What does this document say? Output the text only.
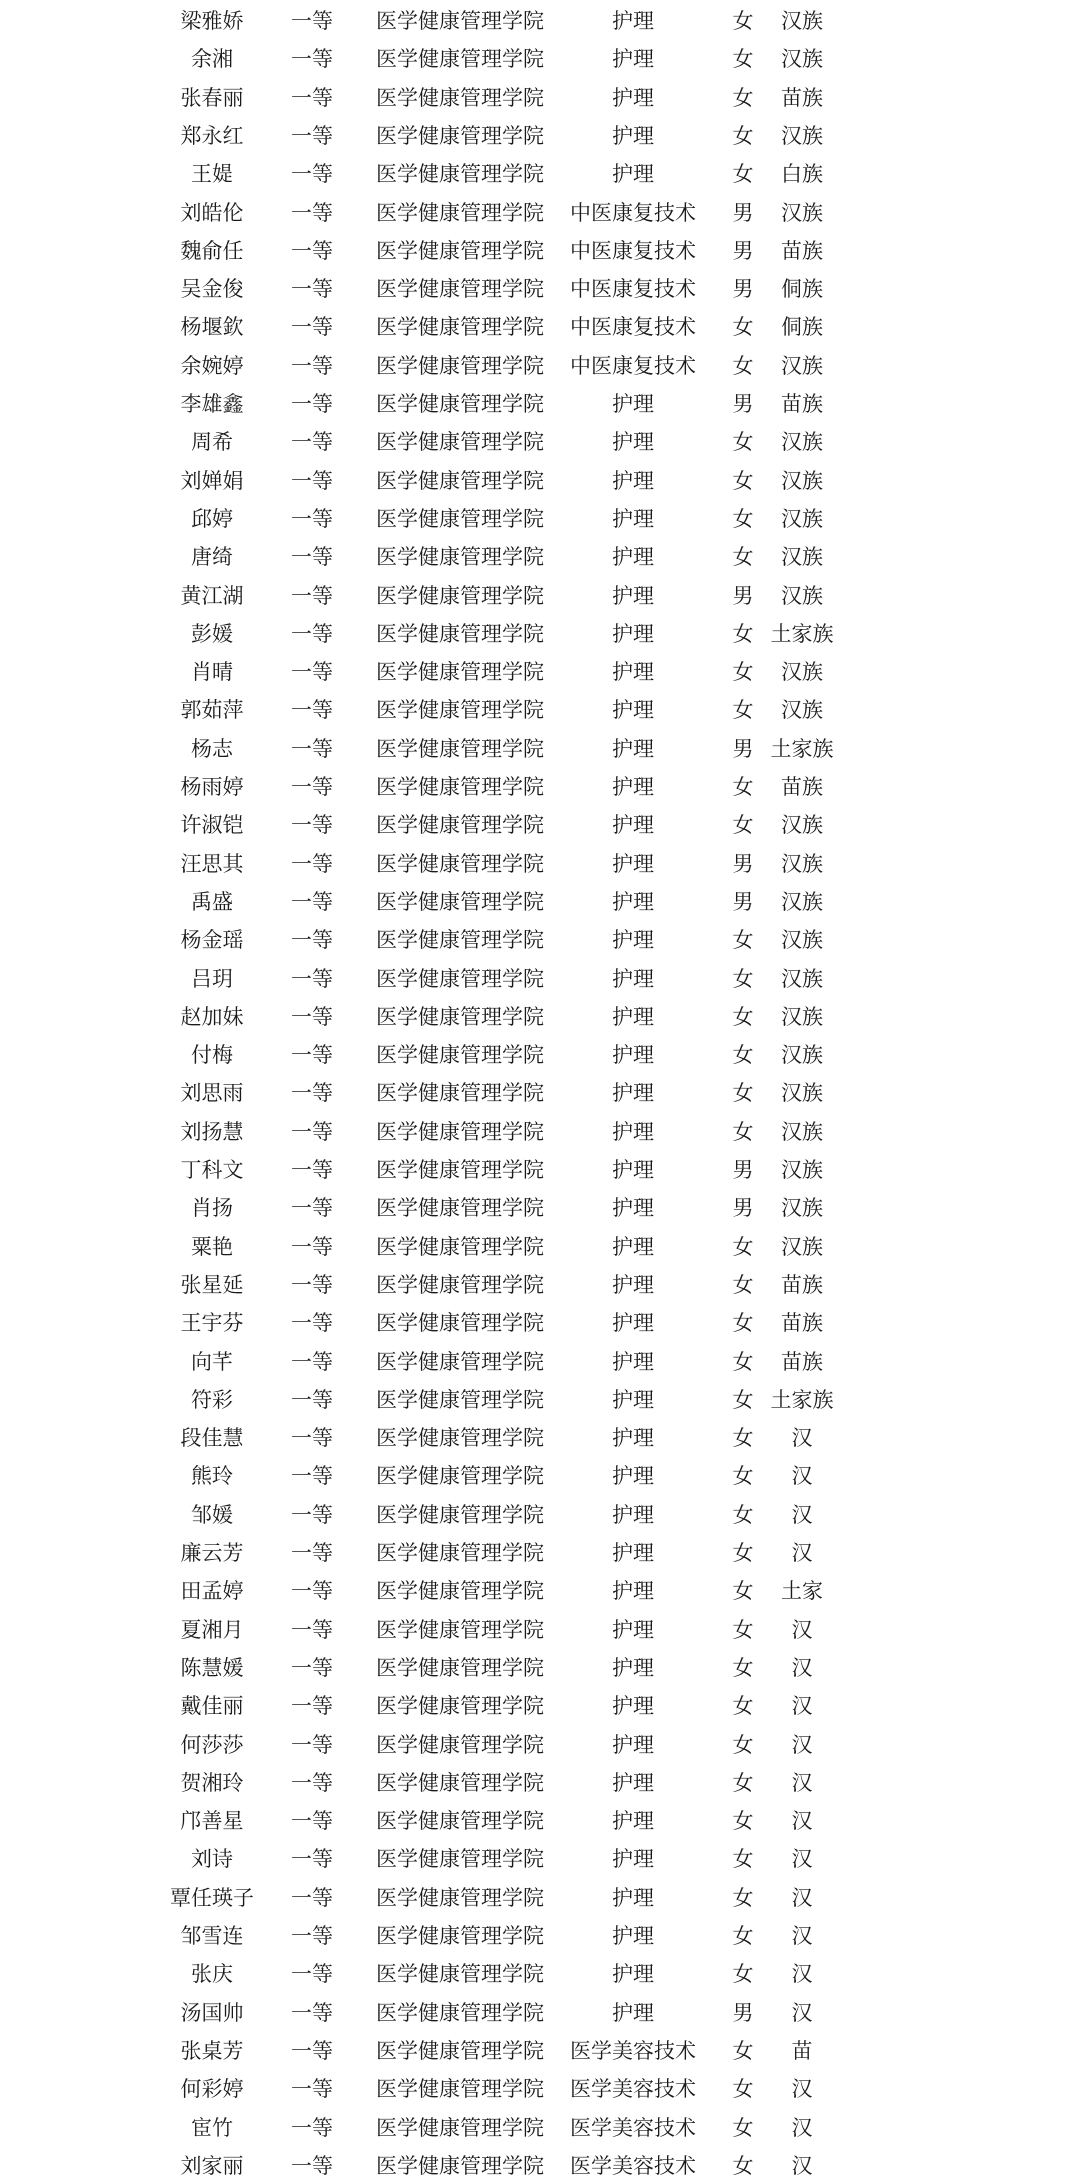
梁雅娇 一等 医学健康管理学院	护理	女 汉族
余湘	一等 医学健康管理学院	护理	女 汉族
张春丽 一等 医学健康管理学院	护理	女 苗族
郑永红 一等 医学健康管理学院	护理	女 汉族
王媞	一等 医学健康管理学院	护理	女 白族
刘皓伦 一等 医学健康管理学院 中医康复技术 男 汉族
魏俞任 一等 医学健康管理学院 中医康复技术 男 苗族
吴金俊 一等 医学健康管理学院 中医康复技术 男 侗族
杨堰欽 一等 医学健康管理学院 中医康复技术 女 侗族
余婉婷 一等 医学健康管理学院 中医康复技术 女 汉族
李雄鑫 一等 医学健康管理学院	护理	男 苗族
周希	一等 医学健康管理学院	护理	女 汉族
刘婵娟 一等 医学健康管理学院	护理	女 汉族
邱婷	一等 医学健康管理学院	护理	女 汉族
唐绮	一等 医学健康管理学院	护理	女 汉族
黄江湖 一等 医学健康管理学院	护理	男 汉族
彭媛	一等 医学健康管理学院	护理	女 土家族
肖晴	一等 医学健康管理学院	护理	女 汉族
郭茹萍 一等 医学健康管理学院	护理	女 汉族
杨志	一等 医学健康管理学院	护理	男 土家族
杨雨婷 一等 医学健康管理学院	护理	女 苗族
许淑铠 一等 医学健康管理学院	护理	女 汉族
汪思其 一等 医学健康管理学院	护理	男 汉族
禹盛	一等 医学健康管理学院	护理	男 汉族
杨金瑶 一等 医学健康管理学院	护理	女 汉族
吕玥	一等 医学健康管理学院	护理	女 汉族
赵加妹 一等 医学健康管理学院	护理	女 汉族
付梅	一等 医学健康管理学院	护理	女 汉族
刘思雨 一等 医学健康管理学院	护理	女 汉族
刘扬慧 一等 医学健康管理学院	护理	女 汉族
丁科文 一等 医学健康管理学院	护理	男 汉族
肖扬	一等 医学健康管理学院	护理	男 汉族
粟艳	一等 医学健康管理学院	护理	女 汉族
张星延 一等 医学健康管理学院	护理	女 苗族
王宇芬 一等 医学健康管理学院	护理	女 苗族
向芊	一等 医学健康管理学院	护理	女 苗族
符彩	一等 医学健康管理学院	护理	女 土家族
段佳慧 一等 医学健康管理学院	护理	女 汉
熊玲	一等 医学健康管理学院	护理	女 汉
邹媛	一等 医学健康管理学院	护理	女 汉
廉云芳 一等 医学健康管理学院	护理	女 汉
田孟婷 一等 医学健康管理学院	护理	女 土家
夏湘月 一等 医学健康管理学院	护理	女 汉
陈慧媛 一等 医学健康管理学院	护理	女 汉
戴佳丽 一等 医学健康管理学院	护理	女 汉
何莎莎 一等 医学健康管理学院	护理	女 汉
贺湘玲 一等 医学健康管理学院	护理	女 汉
邝善星 一等 医学健康管理学院	护理	女 汉
刘诗	一等 医学健康管理学院	护理	女 汉
覃任瑛子 一等 医学健康管理学院	护理	女 汉
邹雪连 一等 医学健康管理学院	护理	女 汉
张庆	一等 医学健康管理学院	护理	女 汉
汤国帅 一等 医学健康管理学院	护理	男 汉
张桌芳 一等 医学健康管理学院 医学美容技术 女 苗
何彩婷 一等 医学健康管理学院 医学美容技术 女 汉
宦竹	一等 医学健康管理学院 医学美容技术 女 汉
刘家丽 一等 医学健康管理学院 医学美容技术 女 汉
